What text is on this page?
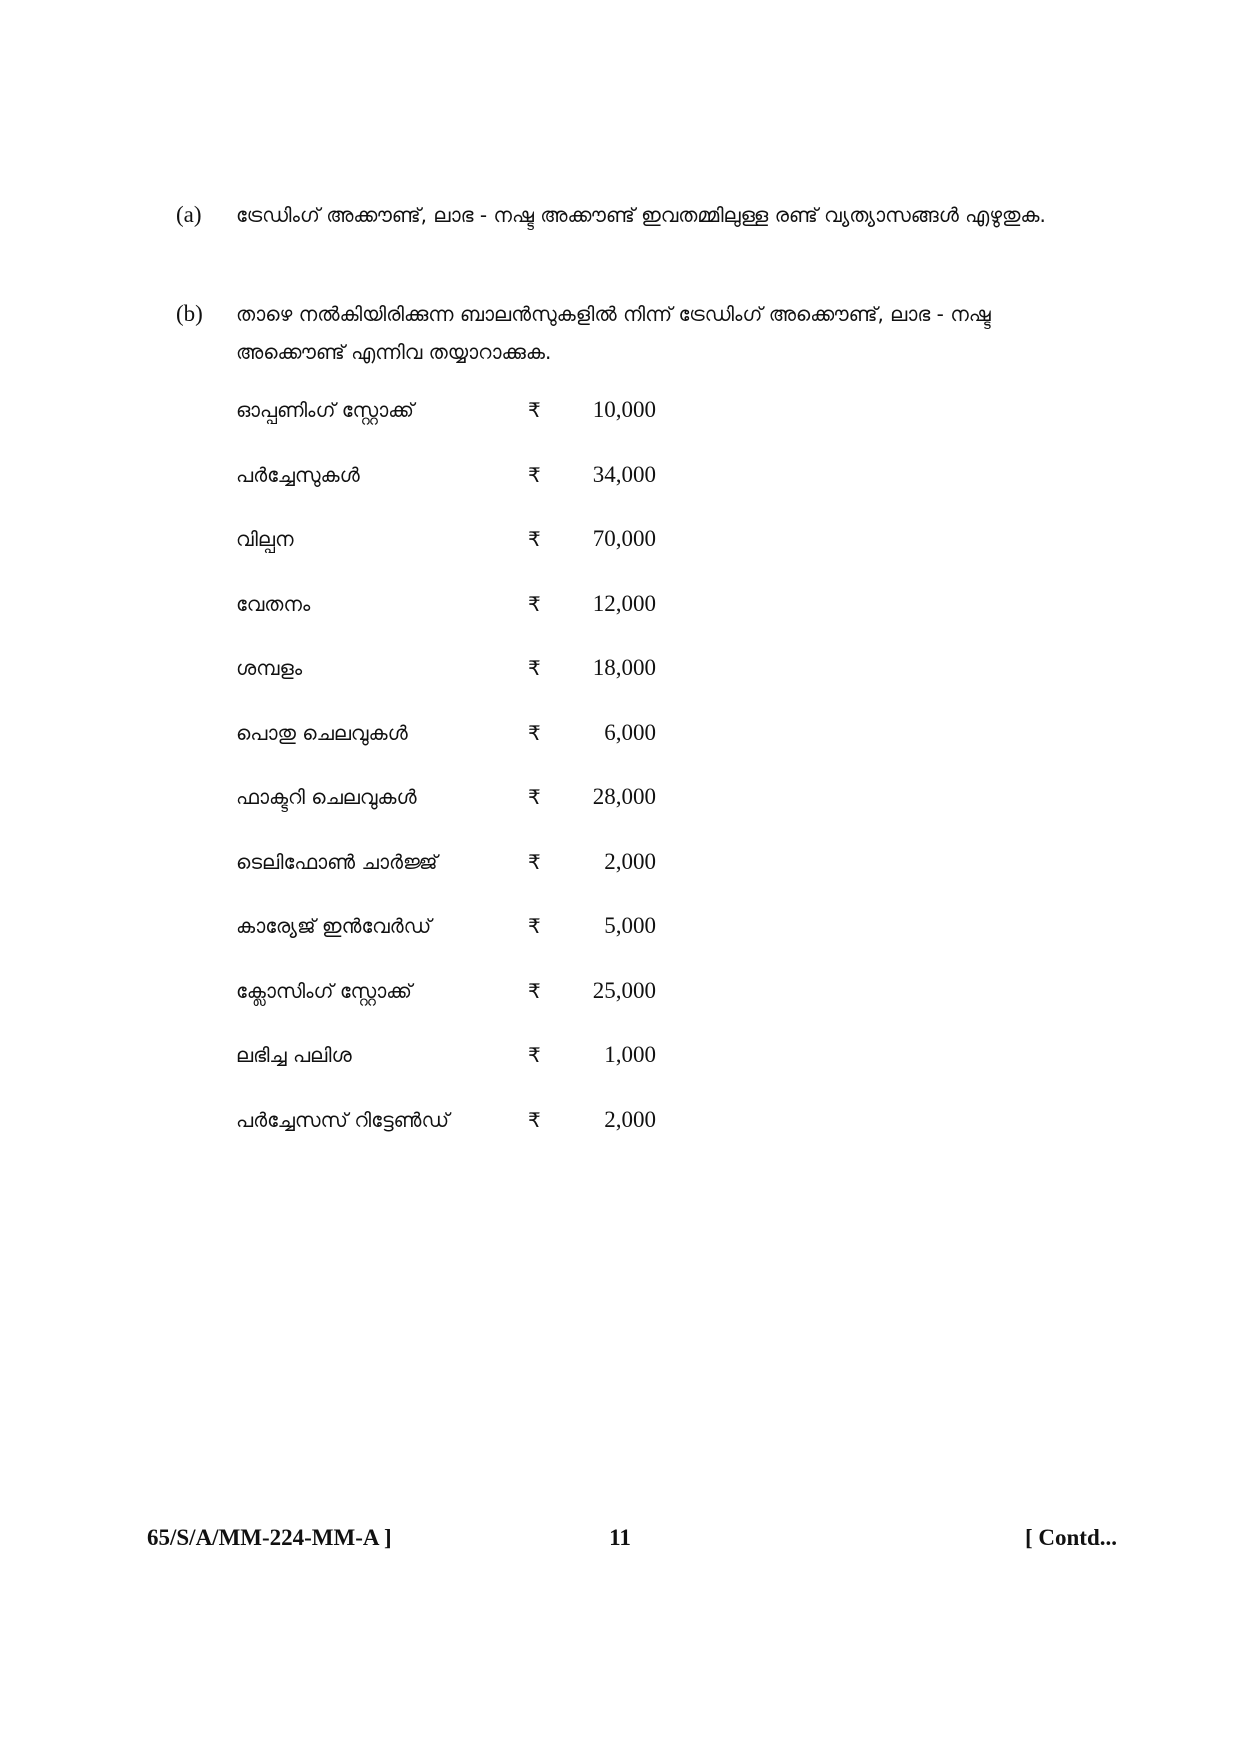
(a)	ട്രേഡിംഗ് അക്കൗണ്ട്, ലാഭ - നഷ്ട അക്കൗണ്ട് ഇവതമ്മിലുള്ള രണ്ട് വ്യത്യാസങ്ങൾ എഴുതുക.
(b)	താഴെ നൽകിയിരിക്കുന്ന ബാലൻസുകളിൽ നിന്ന് ട്രേഡിംഗ് അക്കൌണ്ട്, ലാഭ - നഷ്ട അക്കൌണ്ട് എന്നിവ തയ്യാറാക്കുക.
ഓപ്പണിംഗ് സ്റ്റോക്ക്	₹	10,000
പർച്ചേസുകൾ	₹	34,000
വില്പന	₹	70,000
വേതനം	₹	12,000
ശമ്പളം	₹	18,000
പൊതു ചെലവുകൾ	₹	6,000
ഫാക്ടറി ചെലവുകൾ	₹	28,000
ടെലിഫോൺ ചാർജ്ജ്	₹	2,000
കാര്യേജ് ഇൻവേർഡ്	₹	5,000
ക്ലോസിംഗ് സ്റ്റോക്ക്	₹	25,000
ലഭിച്ച പലിശ	₹	1,000
പർച്ചേസസ് റിട്ടേൺഡ്	₹	2,000
65/S/A/MM-224-MM-A ]	11	[ Contd...
